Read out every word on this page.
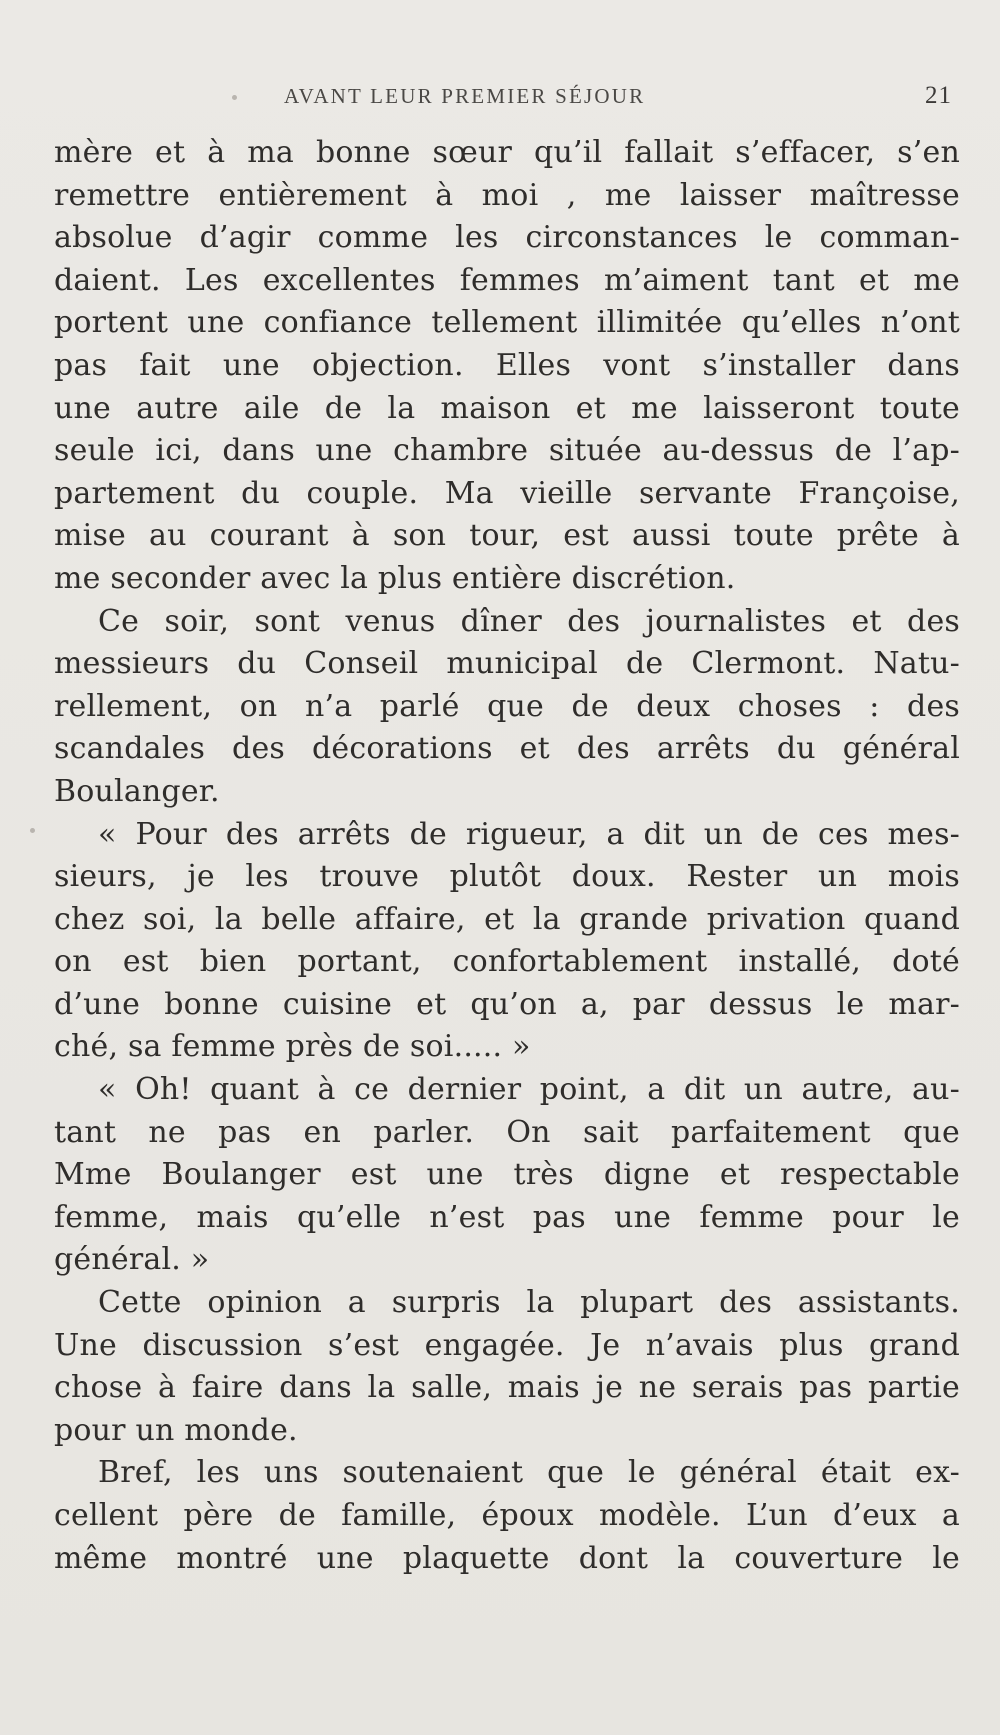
AVANT LEUR PREMIER SÉJOUR	21
mère et à ma bonne sœur qu’il fallait s’effacer, s’en
remettre entièrement à moi , me laisser maîtresse
absolue d’agir comme les circonstances le comman-
daient. Les excellentes femmes m’aiment tant et me
portent une confiance tellement illimitée qu’elles n’ont
pas fait une objection. Elles vont s’installer dans
une autre aile de la maison et me laisseront toute
seule ici, dans une chambre située au-dessus de l’ap-
partement du couple. Ma vieille servante Françoise,
mise au courant à son tour, est aussi toute prête à
me seconder avec la plus entière discrétion.
Ce soir, sont venus dîner des journalistes et des
messieurs du Conseil municipal de Clermont. Natu-
rellement, on n’a parlé que de deux choses : des
scandales des décorations et des arrêts du général
Boulanger.
« Pour des arrêts de rigueur, a dit un de ces mes-
sieurs, je les trouve plutôt doux. Rester un mois
chez soi, la belle affaire, et la grande privation quand
on est bien portant, confortablement installé, doté
d’une bonne cuisine et qu’on a, par dessus le mar-
ché, sa femme près de soi..... »
« Oh! quant à ce dernier point, a dit un autre, au-
tant ne pas en parler. On sait parfaitement que
Mme Boulanger est une très digne et respectable
femme, mais qu’elle n’est pas une femme pour le
général. »
Cette opinion a surpris la plupart des assistants.
Une discussion s’est engagée. Je n’avais plus grand
chose à faire dans la salle, mais je ne serais pas partie
pour un monde.
Bref, les uns soutenaient que le général était ex-
cellent père de famille, époux modèle. L’un d’eux a
même montré une plaquette dont la couverture le
